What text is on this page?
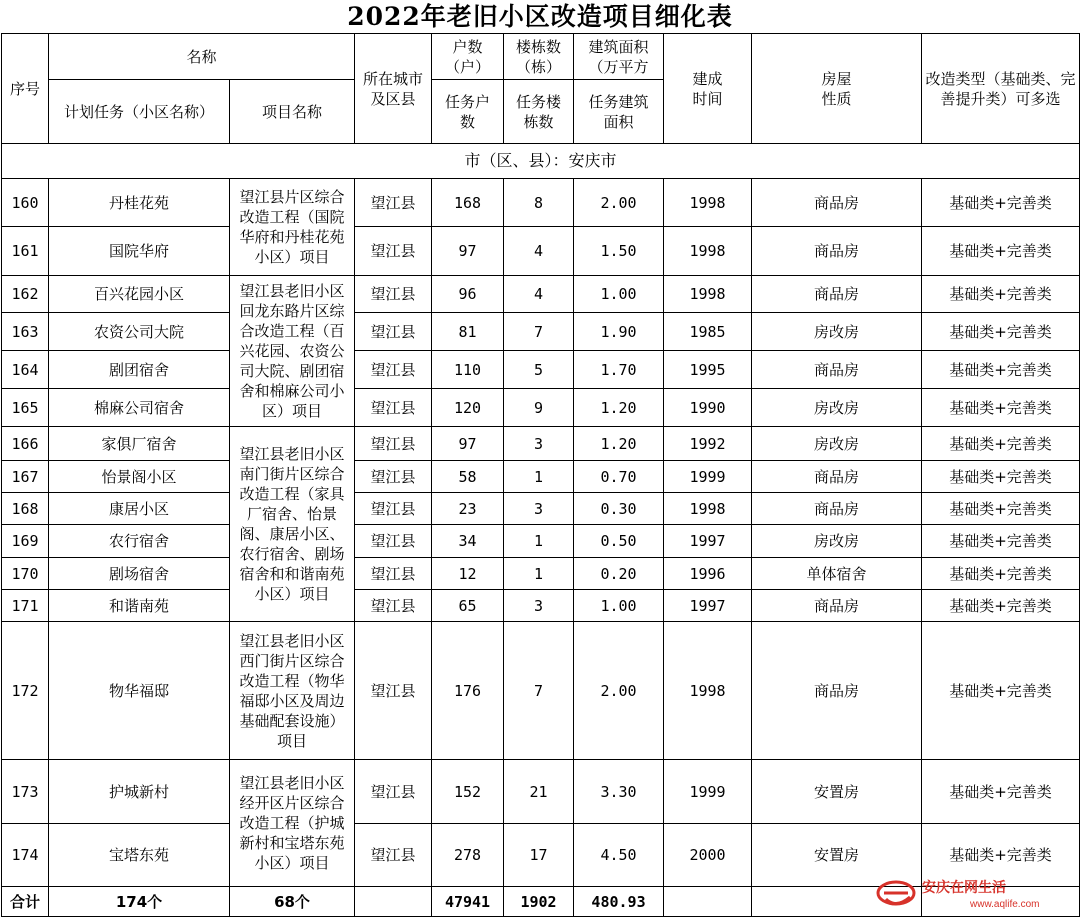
2022年老旧小区改造项目细化表
序号	名称		所在城市及区县	户数（户）	楼栋数（栋）	建筑面积（万平方	建成时间	房屋性质	改造类型（基础类、完善提升类）可多选
	计划任务（小区名称）	项目名称		任务户数	任务楼栋数	任务建筑面积			
市（区、县）：安庆市									
160	丹桂花苑	望江县片区综合改造工程（国院华府和丹桂花苑小区）项目	望江县	168	8	2.00	1998	商品房	基础类+完善类
161	国院华府		望江县	97	4	1.50	1998	商品房	基础类+完善类
162	百兴花园小区	望江县老旧小区回龙东路片区综合改造工程（百兴花园、农资公司大院、剧团宿舍和棉麻公司小区）项目	望江县	96	4	1.00	1998	商品房	基础类+完善类
163	农资公司大院		望江县	81	7	1.90	1985	房改房	基础类+完善类
164	剧团宿舍		望江县	110	5	1.70	1995	商品房	基础类+完善类
165	棉麻公司宿舍		望江县	120	9	1.20	1990	房改房	基础类+完善类
166	家俱厂宿舍	望江县老旧小区南门街片区综合改造工程（家具厂宿舍、怡景阁、康居小区、农行宿舍、剧场宿舍和和谐南苑小区）项目	望江县	97	3	1.20	1992	房改房	基础类+完善类
167	怡景阁小区		望江县	58	1	0.70	1999	商品房	基础类+完善类
168	康居小区		望江县	23	3	0.30	1998	商品房	基础类+完善类
169	农行宿舍		望江县	34	1	0.50	1997	房改房	基础类+完善类
170	剧场宿舍		望江县	12	1	0.20	1996	单体宿舍	基础类+完善类
171	和谐南苑		望江县	65	3	1.00	1997	商品房	基础类+完善类
172	物华福邸	望江县老旧小区西门街片区综合改造工程（物华福邸小区及周边基础配套设施）项目	望江县	176	7	2.00	1998	商品房	基础类+完善类
173	护城新村	望江县老旧小区经开区片区综合改造工程（护城新村和宝塔东苑小区）项目	望江县	152	21	3.30	1999	安置房	基础类+完善类
174	宝塔东苑		望江县	278	17	4.50	2000	安置房	基础类+完善类
合计	174个	68个		47941	1902	480.93			
安庆在网生活
www.aqlife.com
